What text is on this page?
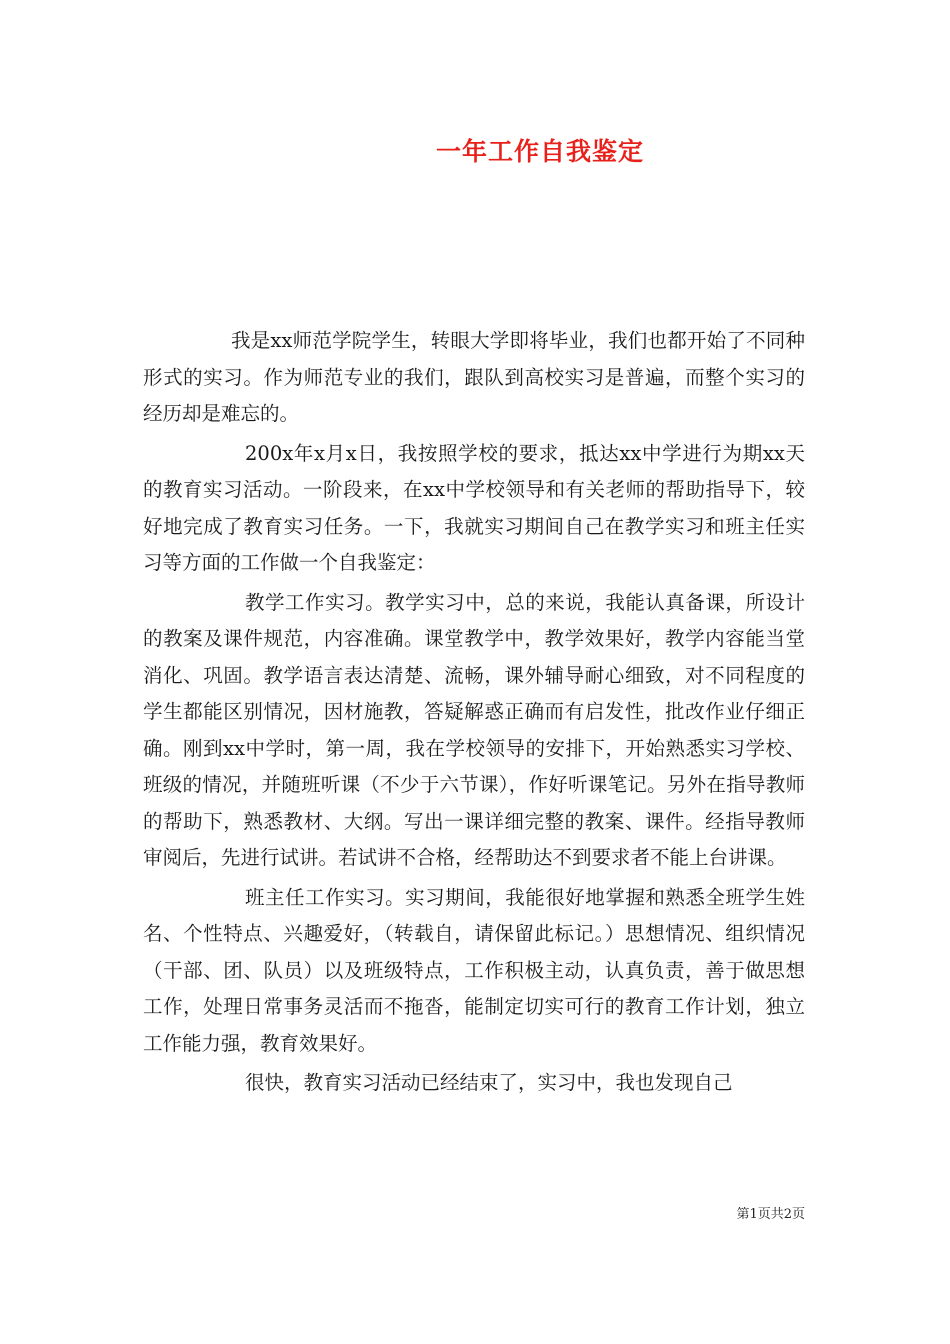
一年工作自我鉴定

我是xx师范学院学生，转眼大学即将毕业，我们也都开始了不同种形式的实习。作为师范专业的我们，跟队到高校实习是普遍，而整个实习的经历却是难忘的。

200x年x月x日，我按照学校的要求，抵达xx中学进行为期xx天的教育实习活动。一阶段来，在xx中学校领导和有关老师的帮助指导下，较好地完成了教育实习任务。一下，我就实习期间自己在教学实习和班主任实习等方面的工作做一个自我鉴定：

教学工作实习。教学实习中，总的来说，我能认真备课，所设计的教案及课件规范，内容准确。课堂教学中，教学效果好，教学内容能当堂消化、巩固。教学语言表达清楚、流畅，课外辅导耐心细致，对不同程度的学生都能区别情况，因材施教，答疑解惑正确而有启发性，批改作业仔细正确。刚到xx中学时，第一周，我在学校领导的安排下，开始熟悉实习学校、班级的情况，并随班听课（不少于六节课），作好听课笔记。另外在指导教师的帮助下，熟悉教材、大纲。写出一课详细完整的教案、课件。经指导教师审阅后，先进行试讲。若试讲不合格，经帮助达不到要求者不能上台讲课。

班主任工作实习。实习期间，我能很好地掌握和熟悉全班学生姓名、个性特点、兴趣爱好，（转载自，请保留此标记。）思想情况、组织情况（干部、团、队员）以及班级特点，工作积极主动，认真负责，善于做思想工作，处理日常事务灵活而不拖沓，能制定切实可行的教育工作计划，独立工作能力强，教育效果好。

很快，教育实习活动已经结束了，实习中，我也发现自己

第1页共2页
